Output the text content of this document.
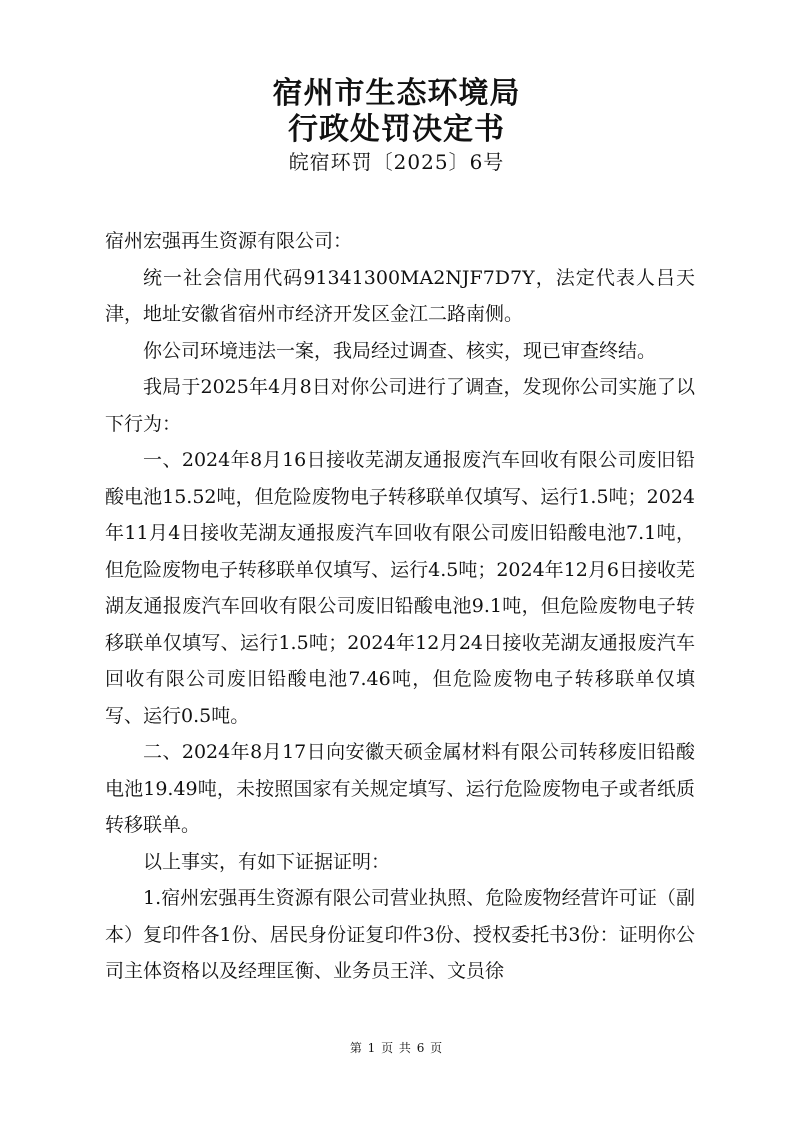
宿州市生态环境局
行政处罚决定书
皖宿环罚〔2025〕6号

宿州宏强再生资源有限公司：

统一社会信用代码91341300MA2NJF7D7Y，法定代表人吕天津，地址安徽省宿州市经济开发区金江二路南侧。

你公司环境违法一案，我局经过调查、核实，现已审查终结。

我局于2025年4月8日对你公司进行了调查，发现你公司实施了以下行为：

一、2024年8月16日接收芜湖友通报废汽车回收有限公司废旧铅酸电池15.52吨，但危险废物电子转移联单仅填写、运行1.5吨；2024年11月4日接收芜湖友通报废汽车回收有限公司废旧铅酸电池7.1吨，但危险废物电子转移联单仅填写、运行4.5吨；2024年12月6日接收芜湖友通报废汽车回收有限公司废旧铅酸电池9.1吨，但危险废物电子转移联单仅填写、运行1.5吨；2024年12月24日接收芜湖友通报废汽车回收有限公司废旧铅酸电池7.46吨，但危险废物电子转移联单仅填写、运行0.5吨。

二、2024年8月17日向安徽天硕金属材料有限公司转移废旧铅酸电池19.49吨，未按照国家有关规定填写、运行危险废物电子或者纸质转移联单。

以上事实，有如下证据证明：

1.宿州宏强再生资源有限公司营业执照、危险废物经营许可证（副本）复印件各1份、居民身份证复印件3份、授权委托书3份：证明你公司主体资格以及经理匡衡、业务员王洋、文员徐

第 1 页 共 6 页
